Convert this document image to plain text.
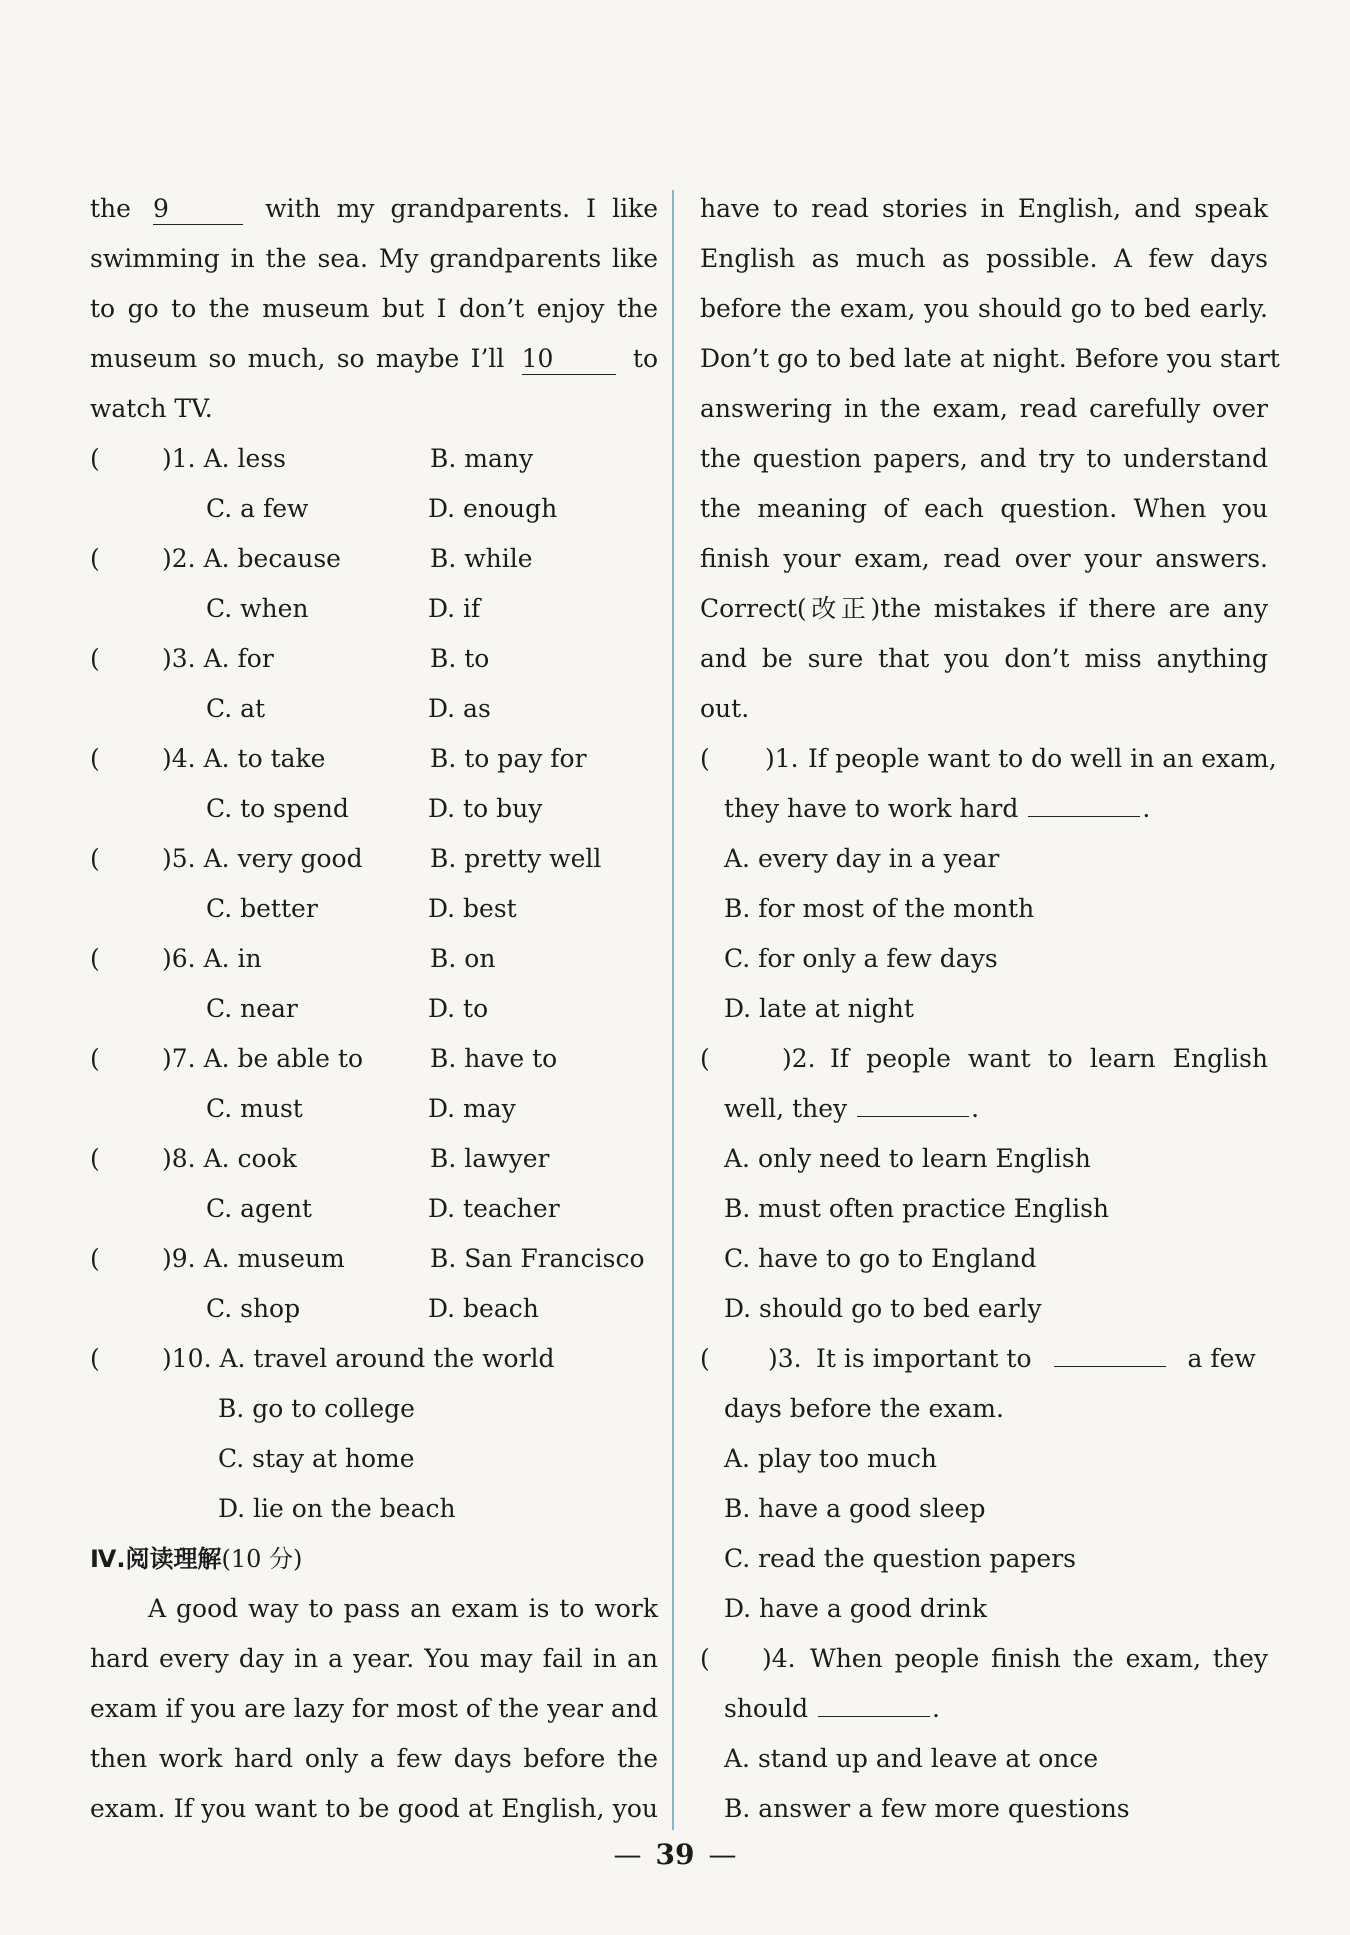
the 9	with my grandparents. I like
swimming in the sea. My grandparents like
to go to the museum but I don’t enjoy the
museum so much, so maybe I’ll 10	to
watch TV.
( )1. A. less	B. many
C. a few	D. enough
( )2. A. because	B. while
C. when	D. if
( )3. A. for	B. to
C. at	D. as
( )4. A. to take	B. to pay for
C. to spend	D. to buy
( )5. A. very good	B. pretty well
C. better	D. best
( )6. A. in	B. on
C. near	D. to
( )7. A. be able to	B. have to
C. must	D. may
( )8. A. cook	B. lawyer
C. agent	D. teacher
( )9. A. museum	B. San Francisco
C. shop	D. beach
( )10. A. travel around the world
B. go to college
C. stay at home
D. lie on the beach
Ⅳ.阅读理解(10 分)
A good way to pass an exam is to work
hard every day in a year. You may fail in an
exam if you are lazy for most of the year and
then work hard only a few days before the
exam. If you want to be good at English, you
have to read stories in English, and speak
English as much as possible. A few days
before the exam, you should go to bed early.
Don’t go to bed late at night. Before you start
answering in the exam, read carefully over
the question papers, and try to understand
the meaning of each question. When you
finish your exam, read over your answers.
Correct(改正)the mistakes if there are any
and be sure that you don’t miss anything
out.
( )1. If people want to do well in an exam,
they have to work hard	.
A. every day in a year
B. for most of the month
C. for only a few days
D. late at night
(	)2. If people want to learn English
well, they	.
A. only need to learn English
B. must often practice English
C. have to go to England
D. should go to bed early
( )3. It is important to	a few
days before the exam.
A. play too much
B. have a good sleep
C. read the question papers
D. have a good drink
( )4. When people finish the exam, they
should	.
A. stand up and leave at once
B. answer a few more questions
— 39 —
